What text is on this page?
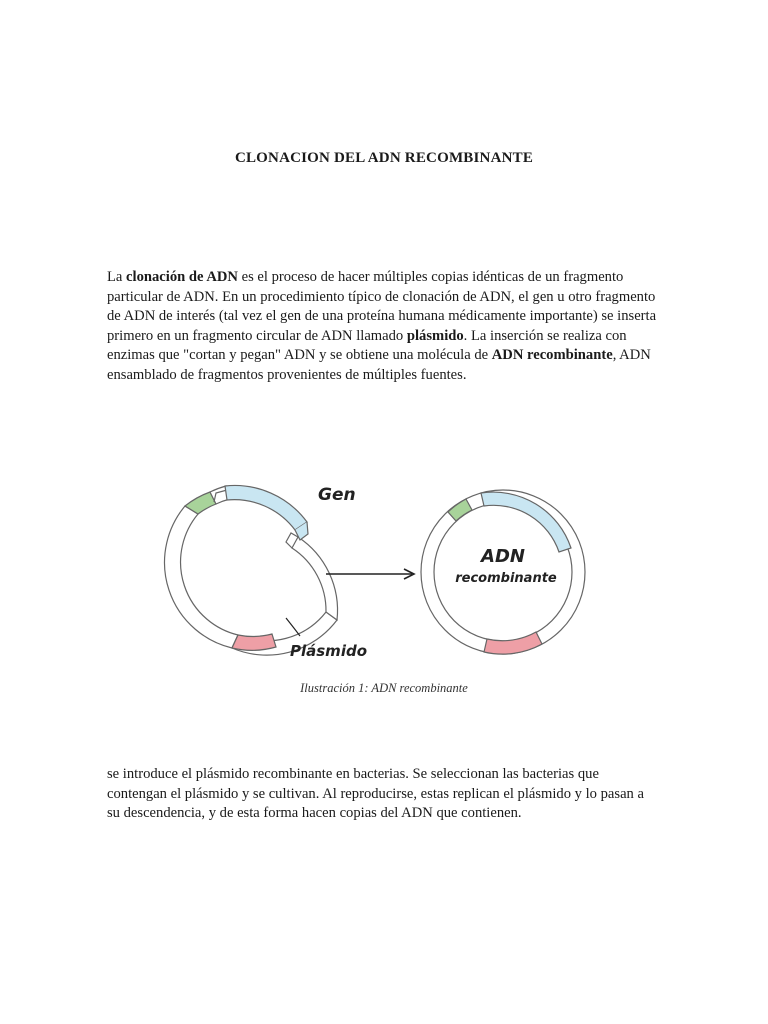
CLONACION DEL ADN RECOMBINANTE

La clonación de ADN es el proceso de hacer múltiples copias idénticas de un fragmento particular de ADN. En un procedimiento típico de clonación de ADN, el gen u otro fragmento de ADN de interés (tal vez el gen de una proteína humana médicamente importante) se inserta primero en un fragmento circular de ADN llamado plásmido. La inserción se realiza con enzimas que "cortan y pegan" ADN y se obtiene una molécula de ADN recombinante, ADN ensamblado de fragmentos provenientes de múltiples fuentes.

Gen
Plásmido
ADN
recombinante

Ilustración 1: ADN recombinante

se introduce el plásmido recombinante en bacterias. Se seleccionan las bacterias que contengan el plásmido y se cultivan. Al reproducirse, estas replican el plásmido y lo pasan a su descendencia, y de esta forma hacen copias del ADN que contienen.
